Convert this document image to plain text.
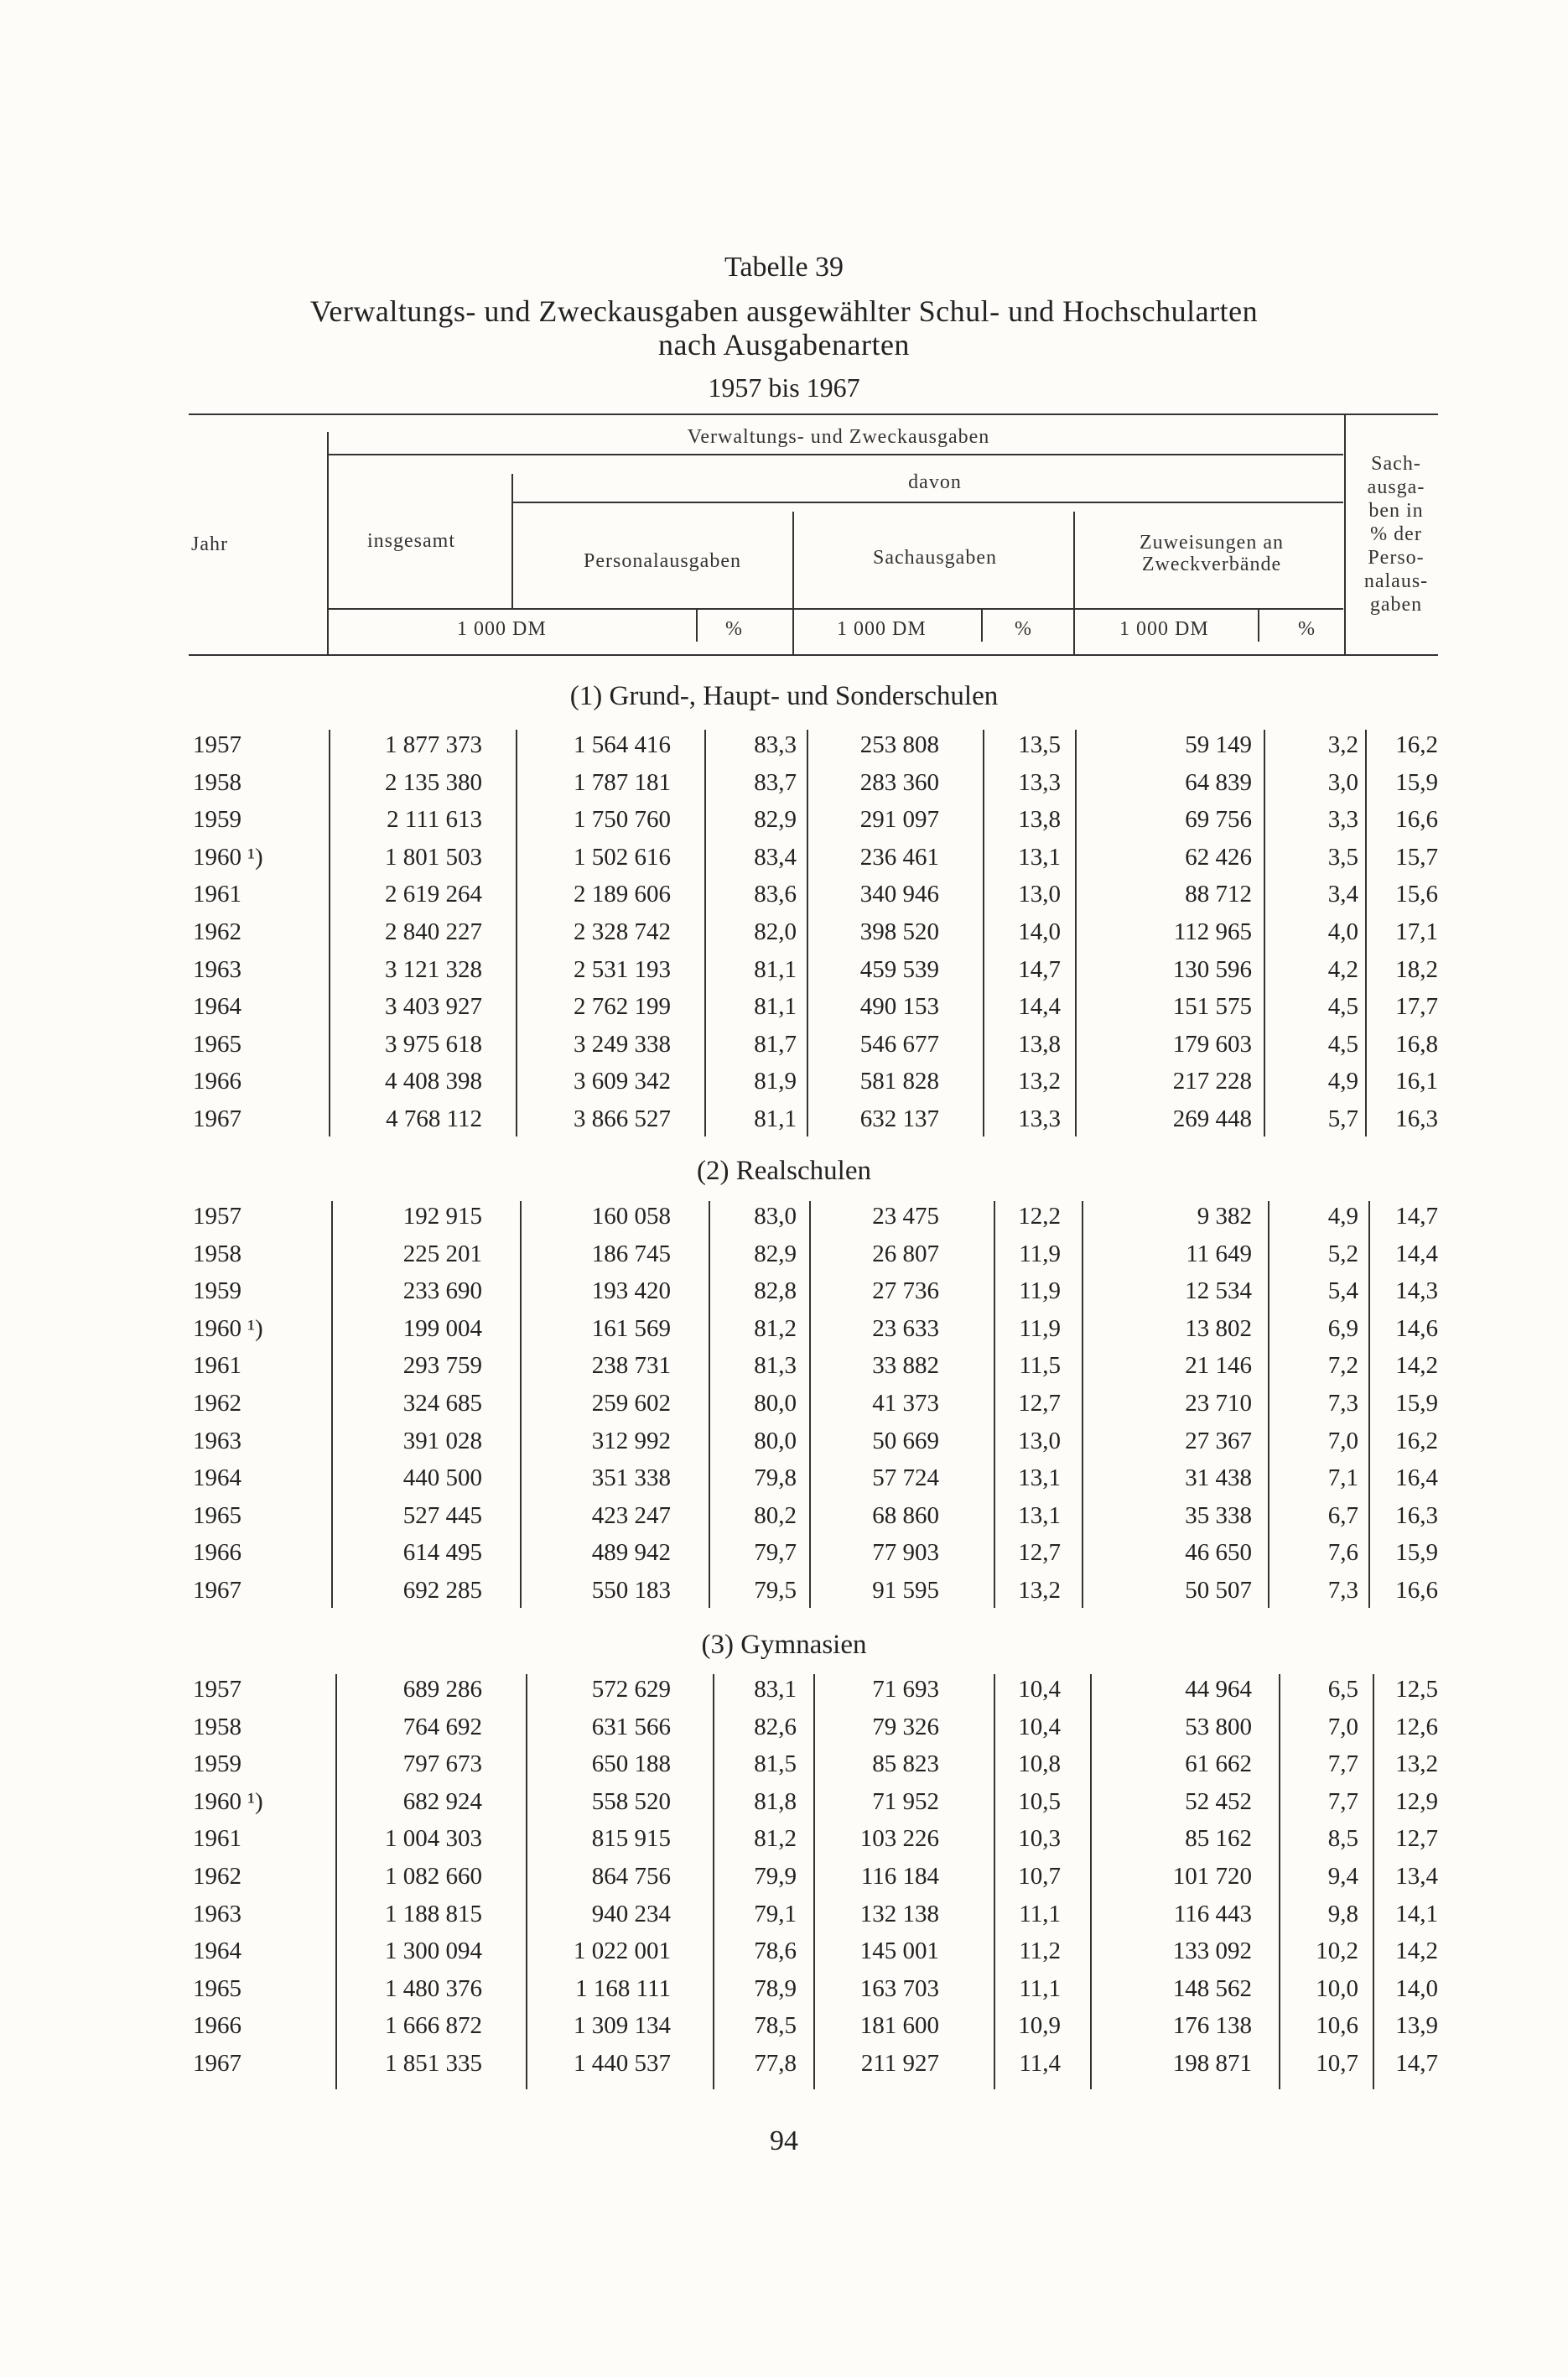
Tabelle 39
Verwaltungs- und Zweckausgaben ausgewählter Schul- und Hochschularten
nach Ausgabenarten
1957 bis 1967
Jahr	insgesamt
Verwaltungs- und Zweckausgaben
davon
Personalausgaben	Sachausgaben
Zuweisungen an
Zweckverbände
Sach-
ausga-
ben in
% der
Perso-
nalaus-
gaben
1 000 DM	%	1 000 DM	%	1 000 DM	%
(1) Grund-, Haupt- und Sonderschulen
1957	1 877 373	1 564 416	83,3	253 808	13,5	59 149	3,2 16,2
1958	2 135 380	1 787 181	83,7	283 360	13,3	64 839	3,0 15,9
1959	2 111 613	1 750 760	82,9	291 097	13,8	69 756	3,3 16,6
1960 ¹)	1 801 503	1 502 616	83,4	236 461	13,1	62 426	3,5 15,7
1961	2 619 264	2 189 606	83,6	340 946	13,0	88 712	3,4 15,6
1962	2 840 227	2 328 742	82,0	398 520	14,0	112 965	4,0 17,1
1963	3 121 328	2 531 193	81,1	459 539	14,7	130 596	4,2 18,2
1964	3 403 927	2 762 199	81,1	490 153	14,4	151 575	4,5 17,7
1965	3 975 618	3 249 338	81,7	546 677	13,8	179 603	4,5 16,8
1966	4 408 398	3 609 342	81,9	581 828	13,2	217 228	4,9 16,1
1967	4 768 112	3 866 527	81,1	632 137	13,3	269 448	5,7 16,3
(2) Realschulen
1957	192 915	160 058	83,0	23 475	12,2	9 382	4,9 14,7
1958	225 201	186 745	82,9	26 807	11,9	11 649	5,2 14,4
1959	233 690	193 420	82,8	27 736	11,9	12 534	5,4 14,3
1960 ¹)	199 004	161 569	81,2	23 633	11,9	13 802	6,9 14,6
1961	293 759	238 731	81,3	33 882	11,5	21 146	7,2 14,2
1962	324 685	259 602	80,0	41 373	12,7	23 710	7,3 15,9
1963	391 028	312 992	80,0	50 669	13,0	27 367	7,0 16,2
1964	440 500	351 338	79,8	57 724	13,1	31 438	7,1 16,4
1965	527 445	423 247	80,2	68 860	13,1	35 338	6,7 16,3
1966	614 495	489 942	79,7	77 903	12,7	46 650	7,6 15,9
1967	692 285	550 183	79,5	91 595	13,2	50 507	7,3 16,6
(3) Gymnasien
1957	689 286	572 629	83,1	71 693	10,4	44 964	6,5 12,5
1958	764 692	631 566	82,6	79 326	10,4	53 800	7,0 12,6
1959	797 673	650 188	81,5	85 823	10,8	61 662	7,7 13,2
1960 ¹)	682 924	558 520	81,8	71 952	10,5	52 452	7,7 12,9
1961	1 004 303	815 915	81,2	103 226	10,3	85 162	8,5 12,7
1962	1 082 660	864 756	79,9	116 184	10,7	101 720	9,4 13,4
1963	1 188 815	940 234	79,1	132 138	11,1	116 443	9,8 14,1
1964	1 300 094	1 022 001	78,6	145 001	11,2	133 092	10,2 14,2
1965	1 480 376	1 168 111	78,9	163 703	11,1	148 562	10,0 14,0
1966	1 666 872	1 309 134	78,5	181 600	10,9	176 138	10,6 13,9
1967	1 851 335	1 440 537	77,8	211 927	11,4	198 871	10,7 14,7
94
